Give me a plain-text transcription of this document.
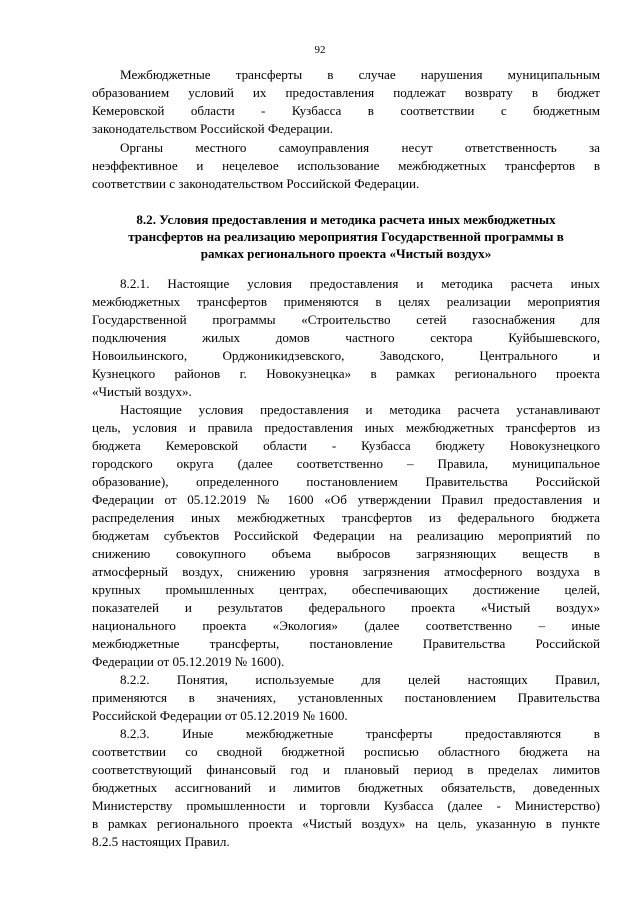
92
Межбюджетные трансферты в случае нарушения муниципальным
образованием условий их предоставления подлежат возврату в бюджет
Кемеровской области - Кузбасса в соответствии с бюджетным
законодательством Российской Федерации.
Органы местного самоуправления несут ответственность за
неэффективное и нецелевое использование межбюджетных трансфертов в
соответствии с законодательством Российской Федерации.
8.2. Условия предоставления и методика расчета иных межбюджетных
трансфертов на реализацию мероприятия Государственной программы в
рамках регионального проекта «Чистый воздух»
8.2.1. Настоящие условия предоставления и методика расчета иных
межбюджетных трансфертов применяются в целях реализации мероприятия
Государственной программы «Строительство сетей газоснабжения для
подключения жилых домов частного сектора Куйбышевского,
Новоильинского, Орджоникидзевского, Заводского, Центрального и
Кузнецкого районов г. Новокузнецка» в рамках регионального проекта
«Чистый воздух».
Настоящие условия предоставления и методика расчета устанавливают
цель, условия и правила предоставления иных межбюджетных трансфертов из
бюджета Кемеровской области - Кузбасса бюджету Новокузнецкого
городского округа (далее соответственно – Правила, муниципальное
образование), определенного постановлением Правительства Российской
Федерации от 05.12.2019 № 1600 «Об утверждении Правил предоставления и
распределения иных межбюджетных трансфертов из федерального бюджета
бюджетам субъектов Российской Федерации на реализацию мероприятий по
снижению совокупного объема выбросов загрязняющих веществ в
атмосферный воздух, снижению уровня загрязнения атмосферного воздуха в
крупных промышленных центрах, обеспечивающих достижение целей,
показателей и результатов федерального проекта «Чистый воздух»
национального проекта «Экология» (далее соответственно – иные
межбюджетные трансферты, постановление Правительства Российской
Федерации от 05.12.2019 № 1600).
8.2.2. Понятия, используемые для целей настоящих Правил,
применяются в значениях, установленных постановлением Правительства
Российской Федерации от 05.12.2019 № 1600.
8.2.3. Иные межбюджетные трансферты предоставляются в
соответствии со сводной бюджетной росписью областного бюджета на
соответствующий финансовый год и плановый период в пределах лимитов
бюджетных ассигнований и лимитов бюджетных обязательств, доведенных
Министерству промышленности и торговли Кузбасса (далее - Министерство)
в рамках регионального проекта «Чистый воздух» на цель, указанную в пункте
8.2.5 настоящих Правил.
